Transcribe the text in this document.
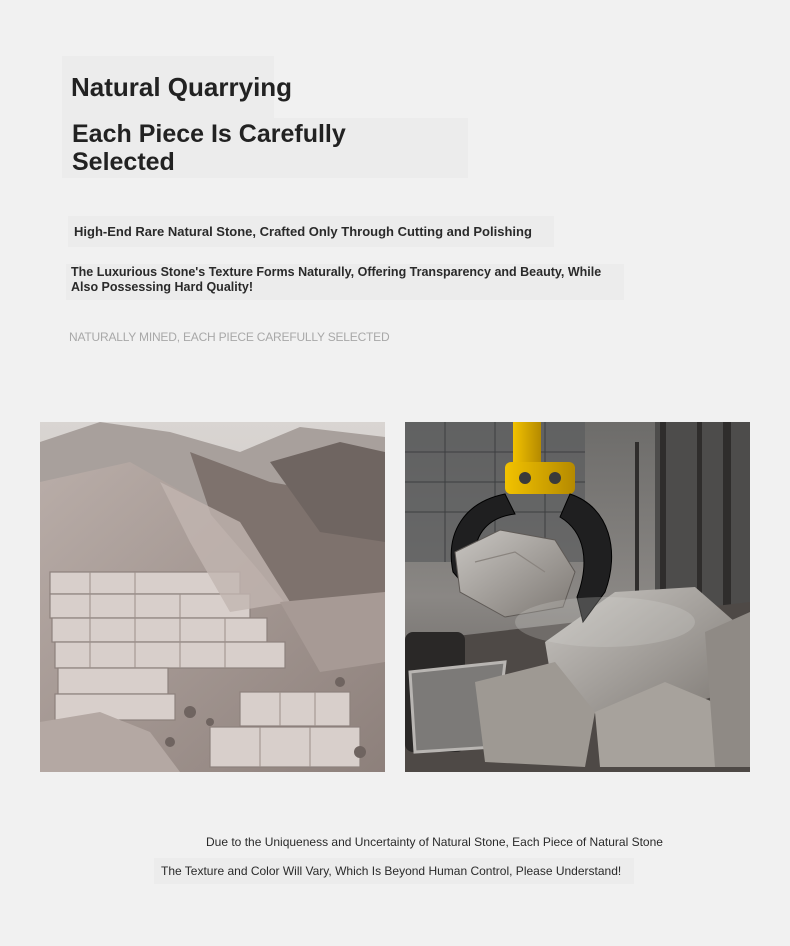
Natural Quarrying
Each Piece Is Carefully Selected
High-End Rare Natural Stone, Crafted Only Through Cutting and Polishing
The Luxurious Stone's Texture Forms Naturally, Offering Transparency and Beauty, While Also Possessing Hard Quality!
NATURALLY MINED, EACH PIECE CAREFULLY SELECTED
Due to the Uniqueness and Uncertainty of Natural Stone, Each Piece of Natural Stone
The Texture and Color Will Vary, Which Is Beyond Human Control, Please Understand!
